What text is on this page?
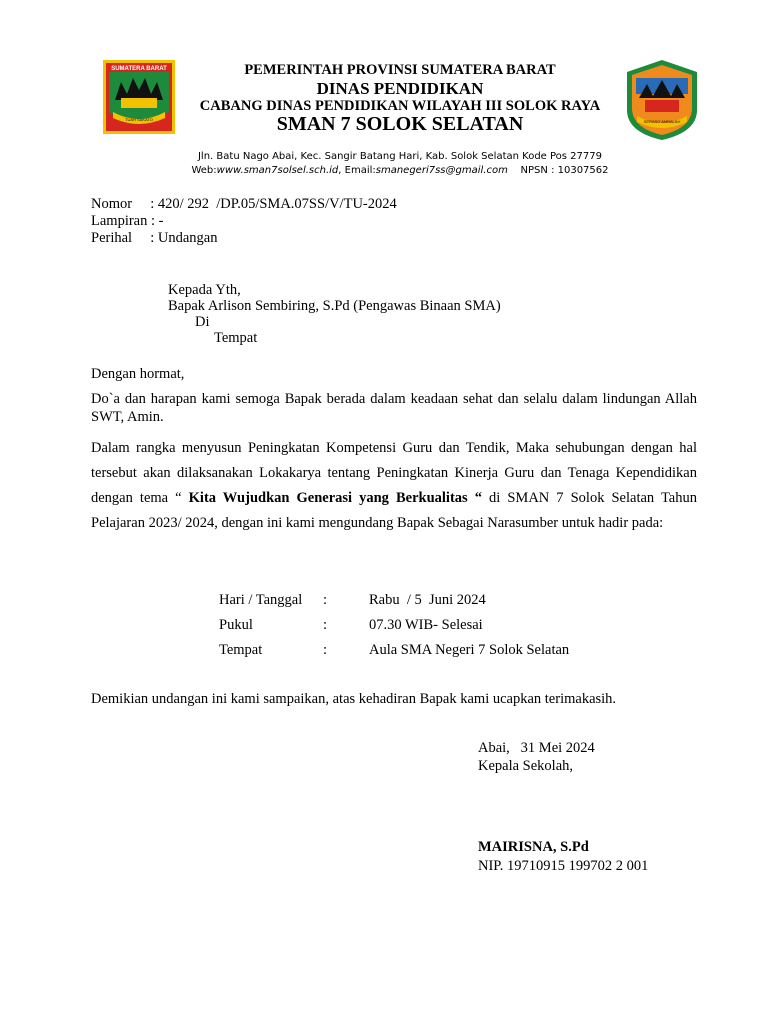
SUMATERA BARAT
TUAH SAKATO	SERASO AMBALAH
PEMERINTAH PROVINSI SUMATERA BARAT
DINAS PENDIDIKAN
CABANG DINAS PENDIDIKAN WILAYAH III SOLOK RAYA
SMAN 7 SOLOK SELATAN
Jln. Batu Nago Abai, Kec. Sangir Batang Hari, Kab. Solok Selatan Kode Pos 27779
Web:www.sman7solsel.sch.id, Email:smanegeri7ss@gmail.com NPSN : 10307562
Nomor     : 420/ 292  /DP.05/SMA.07SS/V/TU-2024
Lampiran : -
Perihal     : Undangan
Kepada Yth,
Bapak Arlison Sembiring, S.Pd (Pengawas Binaan SMA)
Di
Tempat
Dengan hormat,
Do`a dan harapan kami semoga Bapak berada dalam keadaan sehat dan selalu dalam lindungan Allah SWT, Amin.
Dalam rangka menyusun Peningkatan Kompetensi Guru dan Tendik, Maka sehubungan dengan hal tersebut akan dilaksanakan Lokakarya tentang Peningkatan Kinerja Guru dan Tenaga Kependidikan dengan tema “ Kita Wujudkan Generasi yang Berkualitas “ di SMAN 7 Solok Selatan Tahun Pelajaran 2023/ 2024, dengan ini kami mengundang Bapak Sebagai Narasumber untuk hadir pada:
Hari / Tanggal :	Rabu  / 5  Juni 2024
Pukul	:	07.30 WIB- Selesai
Tempat	:	Aula SMA Negeri 7 Solok Selatan
Demikian undangan ini kami sampaikan, atas kehadiran Bapak kami ucapkan terimakasih.
Abai,   31 Mei 2024
Kepala Sekolah,
MAIRISNA, S.Pd
NIP. 19710915 199702 2 001
